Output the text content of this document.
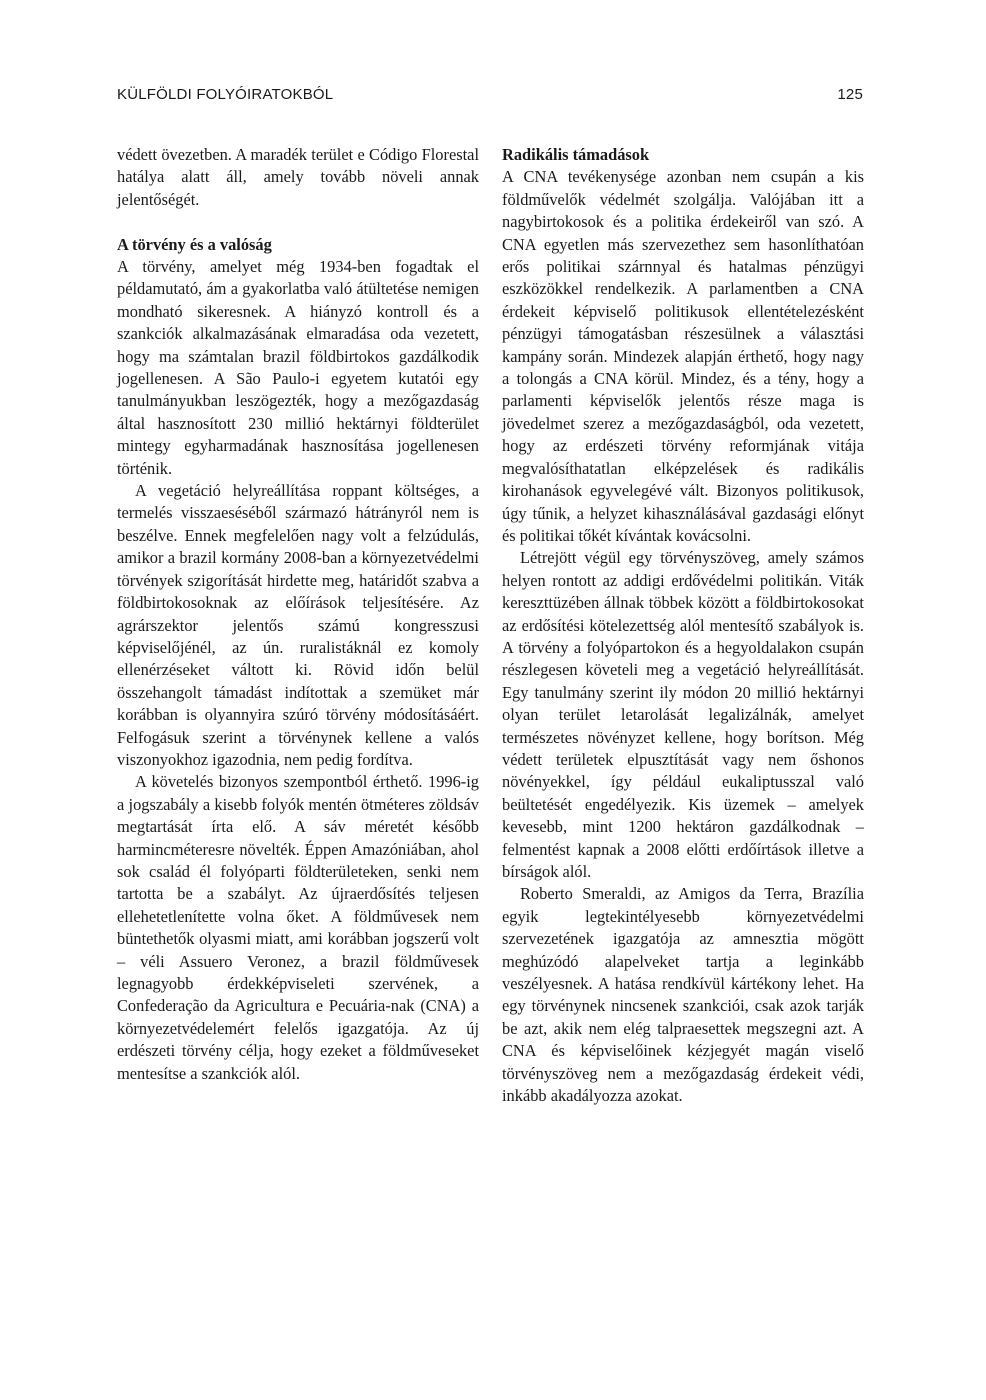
KÜLFÖLDI FOLYÓIRATOKBÓL	125

védett övezetben. A maradék terület e Código Florestal hatálya alatt áll, amely tovább növeli annak jelentőségét.

A törvény és a valóság

A törvény, amelyet még 1934-ben fogadtak el példamutató, ám a gyakorlatba való átültetése nemigen mondható sikeresnek. A hiányzó kontroll és a szankciók alkalmazásának elmaradása oda vezetett, hogy ma számtalan brazil földbirtokos gazdálkodik jogellenesen. A São Paulo-i egyetem kutatói egy tanulmányukban leszögezték, hogy a mezőgazdaság által hasznosított 230 millió hektárnyi földterület mintegy egyharmadának hasznosítása jogellenesen történik.

A vegetáció helyreállítása roppant költséges, a termelés visszaeséséből származó hátrányról nem is beszélve. Ennek megfelelően nagy volt a felzúdulás, amikor a brazil kormány 2008-ban a környezetvédelmi törvények szigorítását hirdette meg, határidőt szabva a földbirtokosoknak az előírások teljesítésére. Az agrárszektor jelentős számú kongresszusi képviselőjénél, az ún. ruralistáknál ez komoly ellenérzéseket váltott ki. Rövid időn belül összehangolt támadást indítottak a szemüket már korábban is olyannyira szúró törvény módosításáért. Felfogásuk szerint a törvénynek kellene a valós viszonyokhoz igazodnia, nem pedig fordítva.

A követelés bizonyos szempontból érthető. 1996-ig a jogszabály a kisebb folyók mentén ötméteres zöldsáv megtartását írta elő. A sáv méretét később harmincméteresre növelték. Éppen Amazóniában, ahol sok család él folyóparti földterületeken, senki nem tartotta be a szabályt. Az újraerdősítés teljesen ellehetetlenítette volna őket. A földművesek nem büntethetők olyasmi miatt, ami korábban jogszerű volt – véli Assuero Veronez, a brazil földművesek legnagyobb érdekképviseleti szervének, a Confederação da Agricultura e Pecuária-nak (CNA) a környezetvédelemért felelős igazgatója. Az új erdészeti törvény célja, hogy ezeket a földműveseket mentesítse a szankciók alól.

Radikális támadások

A CNA tevékenysége azonban nem csupán a kis földművelők védelmét szolgálja. Valójában itt a nagybirtokosok és a politika érdekeiről van szó. A CNA egyetlen más szervezethez sem hasonlíthatóan erős politikai szárnnyal és hatalmas pénzügyi eszközökkel rendelkezik. A parlamentben a CNA érdekeit képviselő politikusok ellentételezésként pénzügyi támogatásban részesülnek a választási kampány során. Mindezek alapján érthető, hogy nagy a tolongás a CNA körül. Mindez, és a tény, hogy a parlamenti képviselők jelentős része maga is jövedelmet szerez a mezőgazdaságból, oda vezetett, hogy az erdészeti törvény reformjának vitája megvalósíthatatlan elképzelések és radikális kirohanások egyvelegévé vált. Bizonyos politikusok, úgy tűnik, a helyzet kihasználásával gazdasági előnyt és politikai tőkét kívántak kovácsolni.

Létrejött végül egy törvényszöveg, amely számos helyen rontott az addigi erdővédelmi politikán. Viták kereszttüzében állnak többek között a földbirtokosokat az erdősítési kötelezettség alól mentesítő szabályok is. A törvény a folyópartokon és a hegyoldalakon csupán részlegesen követeli meg a vegetáció helyreállítását. Egy tanulmány szerint ily módon 20 millió hektárnyi olyan terület letarolását legalizálnák, amelyet természetes növényzet kellene, hogy borítson. Még védett területek elpusztítását vagy nem őshonos növényekkel, így például eukaliptusszal való beültetését engedélyezik. Kis üzemek – amelyek kevesebb, mint 1200 hektáron gazdálkodnak – felmentést kapnak a 2008 előtti erdőírtások illetve a bírságok alól.

Roberto Smeraldi, az Amigos da Terra, Brazília egyik legtekintélyesebb környezetvédelmi szervezetének igazgatója az amnesztia mögött meghúzódó alapelveket tartja a leginkább veszélyesnek. A hatása rendkívül kártékony lehet. Ha egy törvénynek nincsenek szankciói, csak azok tarják be azt, akik nem elég talpraesettek megszegni azt. A CNA és képviselőinek kézjegyét magán viselő törvényszöveg nem a mezőgazdaság érdekeit védi, inkább akadályozza azokat.
